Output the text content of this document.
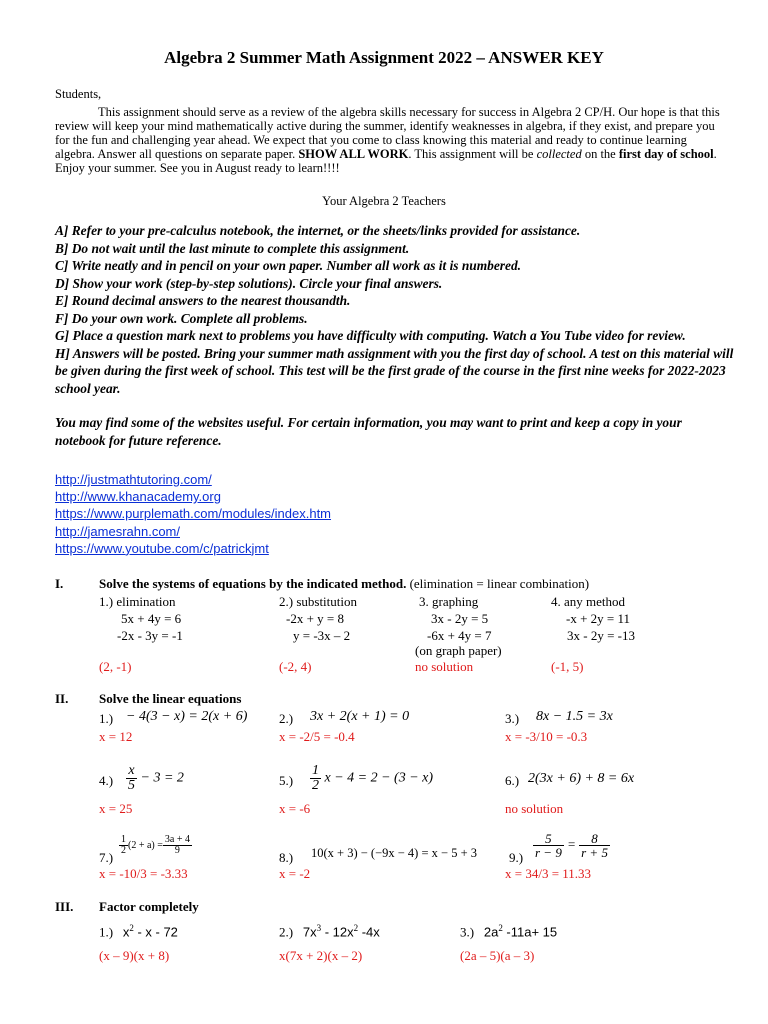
Algebra 2 Summer Math Assignment 2022 – ANSWER KEY
Students,
This assignment should serve as a review of the algebra skills necessary for success in Algebra 2 CP/H. Our hope is that this review will keep your mind mathematically active during the summer, identify weaknesses in algebra, if they exist, and prepare you for the fun and challenging year ahead. We expect that you come to class knowing this material and ready to continue learning algebra. Answer all questions on separate paper. SHOW ALL WORK. This assignment will be collected on the first day of school. Enjoy your summer. See you in August ready to learn!!!!
Your Algebra 2 Teachers

A] Refer to your pre-calculus notebook, the internet, or the sheets/links provided for assistance.

B] Do not wait until the last minute to complete this assignment.

C] Write neatly and in pencil on your own paper. Number all work as it is numbered.

D] Show your work (step-by-step solutions). Circle your final answers.

E] Round decimal answers to the nearest thousandth.

F] Do your own work. Complete all problems.

G] Place a question mark next to problems you have difficulty with computing. Watch a You Tube video for review.

H] Answers will be posted. Bring your summer math assignment with you the first day of school. A test on this material will be given during the first week of school. This test will be the first grade of the course in the first nine weeks for 2022-2023 school year.

You may find some of the websites useful. For certain information, you may want to print and keep a copy in your notebook for future reference.

http://justmathtutoring.com/
http://www.khanacademy.org
https://www.purplemath.com/modules/index.htm
http://jamesrahn.com/
https://www.youtube.com/c/patrickjmt
I.	Solve the systems of equations by the indicated method. (elimination = linear combination)
1.) elimination
5x + 4y = 6
-2x - 3y = -1
(2, -1)
2.) substitution
-2x + y = 8
y = -3x – 2
(-2, 4)
3. graphing
3x - 2y = 5
-6x + 4y = 7
(on graph paper)
no solution
4. any method
-x + 2y = 11
3x - 2y = -13
(-1, 5)
II. Solve the linear equations
1.) − 4(3 − x) = 2(x + 6)
x = 12
2.) 3x + 2(x + 1) = 0
x = -2/5 = -0.4
3.) 8x − 1.5 = 3x
x = -3/10 = -0.3
$4.) \frac{x}{5} - 3 = 2$
x = 25
$5.) \frac{1}{2}$ x − 4 = 2 − (3 − x)
x = -6
6.) 2(3x + 6) + 8 = 6x
no solution
7.)
$\frac{1}{2} (2 + a) = \frac{3a + 4}{9}$
x = -10/3 = -3.33
8.) 10(x + 3) − (−9x − 4) = x − 5 + 3
x = -2
$9.) \frac{5}{r - 9} = \frac{8}{r + 5}$
x = 34/3 = 11.33
III. Factor completely
1.) $x^2$ - x - 72
(x – 9)(x + 8)
2.) $7x^3 - 12x^2$ -4x
x(7x + 2)(x – 2)
3.) $2a^2$ -11a+ 15
(2a – 5)(a – 3)
